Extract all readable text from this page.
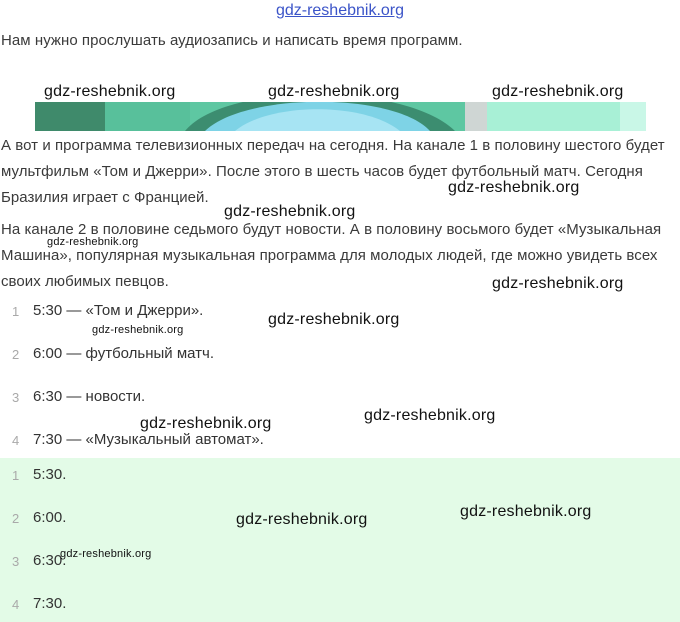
gdz-reshebnik.org
Нам нужно прослушать аудиозапись и написать время программ.
А вот и программа телевизионных передач на сегодня. На канале 1 в половину шестого будет мультфильм «Том и Джерри». После этого в шесть часов будет футбольный матч. Сегодня Бразилия играет с Францией.
На канале 2 в половине седьмого будут новости. А в половину восьмого будет «Музыкальная Машина», популярная музыкальная программа для молодых людей, где можно увидеть всех своих любимых певцов.
1 5:30 — «Том и Джерри».
2 6:00 — футбольный матч.
3 6:30 — новости.
4 7:30 — «Музыкальный автомат».
1 5:30.
2 6:00.
3 6:30.
4 7:30.
gdz-reshebnik.org	gdz-reshebnik.org	gdz-reshebnik.org
gdz-reshebnik.org
gdz-reshebnik.org
gdz-reshebnik.org
gdz-reshebnik.org
gdz-reshebnik.org
gdz-reshebnik.org
gdz-reshebnik.org
gdz-reshebnik.org
gdz-reshebnik.org
gdz-reshebnik.org
gdz-reshebnik.org
